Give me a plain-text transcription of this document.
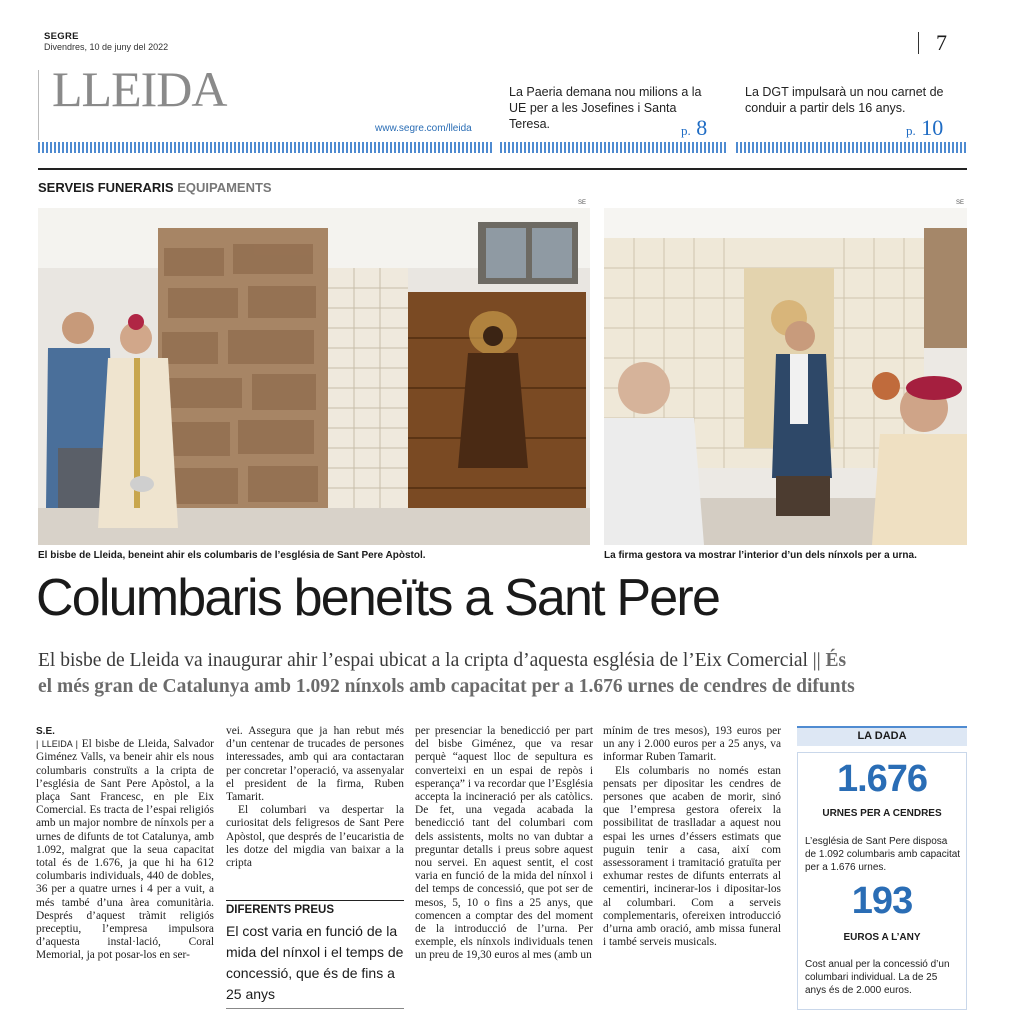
SEGRE
Divendres, 10 de juny del 2022	7
LLEIDA
www.segre.com/lleida
La Paeria demana nou milions a la UE per a les Josefines i Santa Teresa.	p. 8
La DGT impulsarà un nou carnet de conduir a partir dels 16 anys.
p. 10
SERVEIS FUNERARIS EQUIPAMENTS
SE	SE
El bisbe de Lleida, beneint ahir els columbaris de l’església de Sant Pere Apòstol.	La firma gestora va mostrar l’interior d’un dels nínxols per a urna.
Columbaris beneïts a Sant Pere
El bisbe de Lleida va inaugurar ahir l’espai ubicat a la cripta d’aquesta església de l’Eix Comercial || És
el més gran de Catalunya amb 1.092 nínxols amb capacitat per a 1.676 urnes de cendres de difunts

S.E.

| LLEIDA | El bisbe de Lleida, Salvador Giménez Valls, va beneir ahir els nous columbaris construïts a la cripta de l’església de Sant Pere Apòstol, a la plaça Sant Francesc, en ple Eix Comercial. Es tracta de l’espai religiós amb un major nombre de nínxols per a urnes de difunts de tot Catalunya, amb 1.092, malgrat que la seua capacitat total és de 1.676, ja que hi ha 612 columbaris individuals, 440 de dobles, 36 per a quatre urnes i 4 per a vuit, a més també d’una àrea comunitària. Després d’aquest tràmit religiós preceptiu, l’empresa impulsora d’aquesta instal·lació, Coral Memorial, ja pot posar-los en ser-

vei. Assegura que ja han rebut més d’un centenar de trucades de persones interessades, amb qui ara contactaran per concretar l’operació, va assenyalar el president de la firma, Ruben Tamarit.

El columbari va despertar la curiositat dels feligresos de Sant Pere Apòstol, que després de l’eucaristia de les dotze del migdia van baixar a la cripta

DIFERENTS PREUS
El cost varia en funció de la mida del nínxol i el temps de concessió, que és de fins a 25 anys

per presenciar la benedicció per part del bisbe Giménez, que va resar perquè “aquest lloc de sepultura es converteixi en un espai de repòs i esperança” i va recordar que l’Església accepta la incineració per als catòlics. De fet, una vegada acabada la benedicció tant del columbari com dels assistents, molts no van dubtar a preguntar detalls i preus sobre aquest nou servei. En aquest sentit, el cost varia en funció de la mida del nínxol i del temps de concessió, que pot ser de mesos, 5, 10 o fins a 25 anys, que comencen a comptar des del moment de la introducció de l’urna. Per exemple, els nínxols individuals tenen un preu de 19,30 euros al mes (amb un

mínim de tres mesos), 193 euros per un any i 2.000 euros per a 25 anys, va informar Ruben Tamarit.

Els columbaris no només estan pensats per dipositar les cendres de persones que acaben de morir, sinó que l’empresa gestora ofereix la possibilitat de traslladar a aquest nou espai les urnes d’éssers estimats que puguin tenir a casa, així com assessorament i tramitació gratuïta per exhumar restes de difunts enterrats al cementiri, incinerar-los i dipositar-los al columbari. Com a serveis complementaris, ofereixen introducció d’urna amb oració, amb missa funeral i també serveis musicals.

LA DADA
1.676
URNES PER A CENDRES
L’església de Sant Pere disposa de 1.092 columbaris amb capacitat per a 1.676 urnes.
193
EUROS A L’ANY
Cost anual per la concessió d’un columbari individual. La de 25 anys és de 2.000 euros.
